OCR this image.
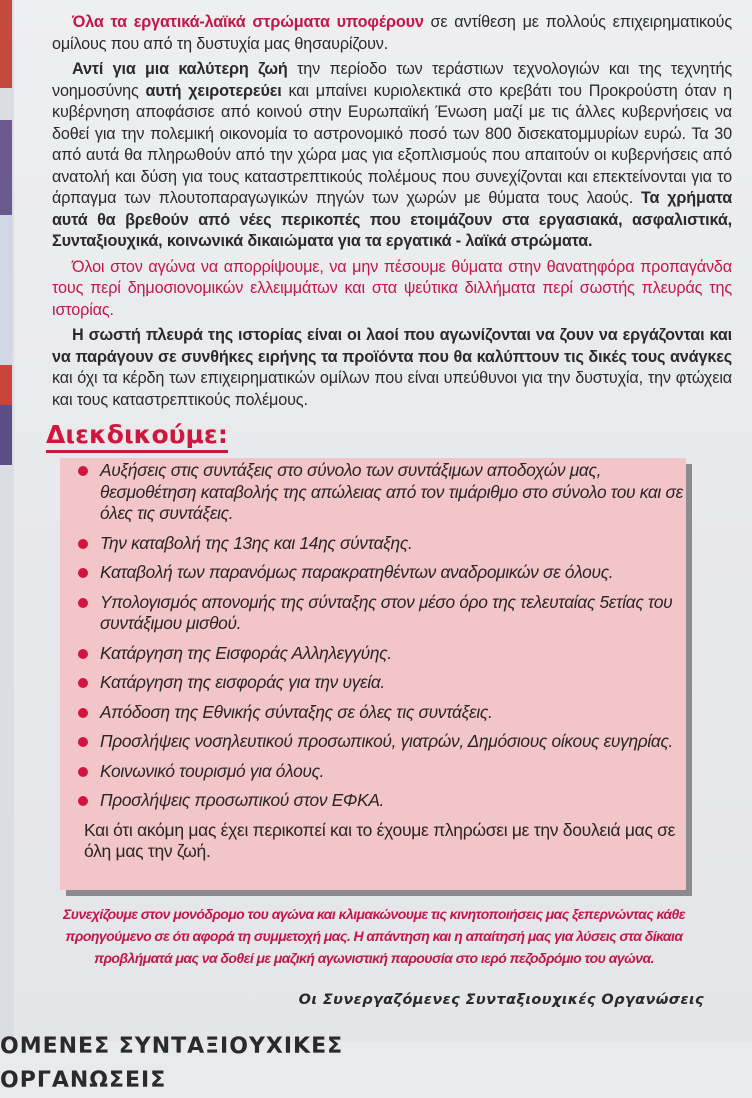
Όλα τα εργατικά-λαϊκά στρώματα υποφέρουν σε αντίθεση με πολλούς επιχειρηματικούς ομίλους που από τη δυστυχία μας θησαυρίζουν.

Αντί για μια καλύτερη ζωή την περίοδο των τεράστιων τεχνολογιών και της τεχνητής νοημοσύνης αυτή χειροτερεύει και μπαίνει κυριολεκτικά στο κρεβάτι του Προκρούστη όταν η κυβέρνηση αποφάσισε από κοινού στην Ευρωπαϊκή Ένωση μαζί με τις άλλες κυβερνήσεις να δοθεί για την πολεμική οικονομία το αστρονομικό ποσό των 800 δισεκατομμυρίων ευρώ. Τα 30 από αυτά θα πληρωθούν από την χώρα μας για εξοπλισμούς που απαιτούν οι κυβερνήσεις από ανατολή και δύση για τους καταστρεπτικούς πολέμους που συνεχίζονται και επεκτείνονται για το άρπαγμα των πλουτοπαραγωγικών πηγών των χωρών με θύματα τους λαούς. Τα χρήματα αυτά θα βρεθούν από νέες περικοπές που ετοιμάζουν στα εργασιακά, ασφαλιστικά, Συνταξιουχικά, κοινωνικά δικαιώματα για τα εργατικά - λαϊκά στρώματα.

Όλοι στον αγώνα να απορρίψουμε, να μην πέσουμε θύματα στην θανατηφόρα προπαγάνδα τους περί δημοσιονομικών ελλειμμάτων και στα ψεύτικα διλλήματα περί σωστής πλευράς της ιστορίας.

Η σωστή πλευρά της ιστορίας είναι οι λαοί που αγωνίζονται να ζουν να εργάζονται και να παράγουν σε συνθήκες ειρήνης τα προϊόντα που θα καλύπτουν τις δικές τους ανάγκες και όχι τα κέρδη των επιχειρηματικών ομίλων που είναι υπεύθυνοι για την δυστυχία, την φτώχεια και τους καταστρεπτικούς πολέμους.

Διεκδικούμε:
Αυξήσεις στις συντάξεις στο σύνολο των συντάξιμων αποδοχών μας, θεσμοθέτηση καταβολής της απώλειας από τον τιμάριθμο στο σύνολο του και σε όλες τις συντάξεις.
Την καταβολή της 13ης και 14ης σύνταξης.
Καταβολή των παρανόμως παρακρατηθέντων αναδρομικών σε όλους.
Υπολογισμός απονομής της σύνταξης στον μέσο όρο της τελευταίας 5ετίας του συντάξιμου μισθού.
Κατάργηση της Εισφοράς Αλληλεγγύης.
Κατάργηση της εισφοράς για την υγεία.
Απόδοση της Εθνικής σύνταξης σε όλες τις συντάξεις.
Προσλήψεις νοσηλευτικού προσωπικού, γιατρών, Δημόσιους οίκους ευγηρίας.
Κοινωνικό τουρισμό για όλους.
Προσλήψεις προσωπικού στον ΕΦΚΑ.
Και ότι ακόμη μας έχει περικοπεί και το έχουμε πληρώσει με την δουλειά μας σε όλη μας την ζωή.
Συνεχίζουμε στον μονόδρομο του αγώνα και κλιμακώνουμε τις κινητοποιήσεις μας ξεπερνώντας κάθε προηγούμενο σε ότι αφορά τη συμμετοχή μας. Η απάντηση και η απαίτησή μας για λύσεις στα δίκαια προβλήματά μας να δοθεί με μαζική αγωνιστική παρουσία στο ιερό πεζοδρόμιο του αγώνα.
Οι Συνεργαζόμενες Συνταξιουχικές Οργανώσεις
ΟΜΕΝΕΣ ΣΥΝΤΑΞΙΟΥΧΙΚΕΣ ΟΡΓΑΝΩΣΕΙΣ
